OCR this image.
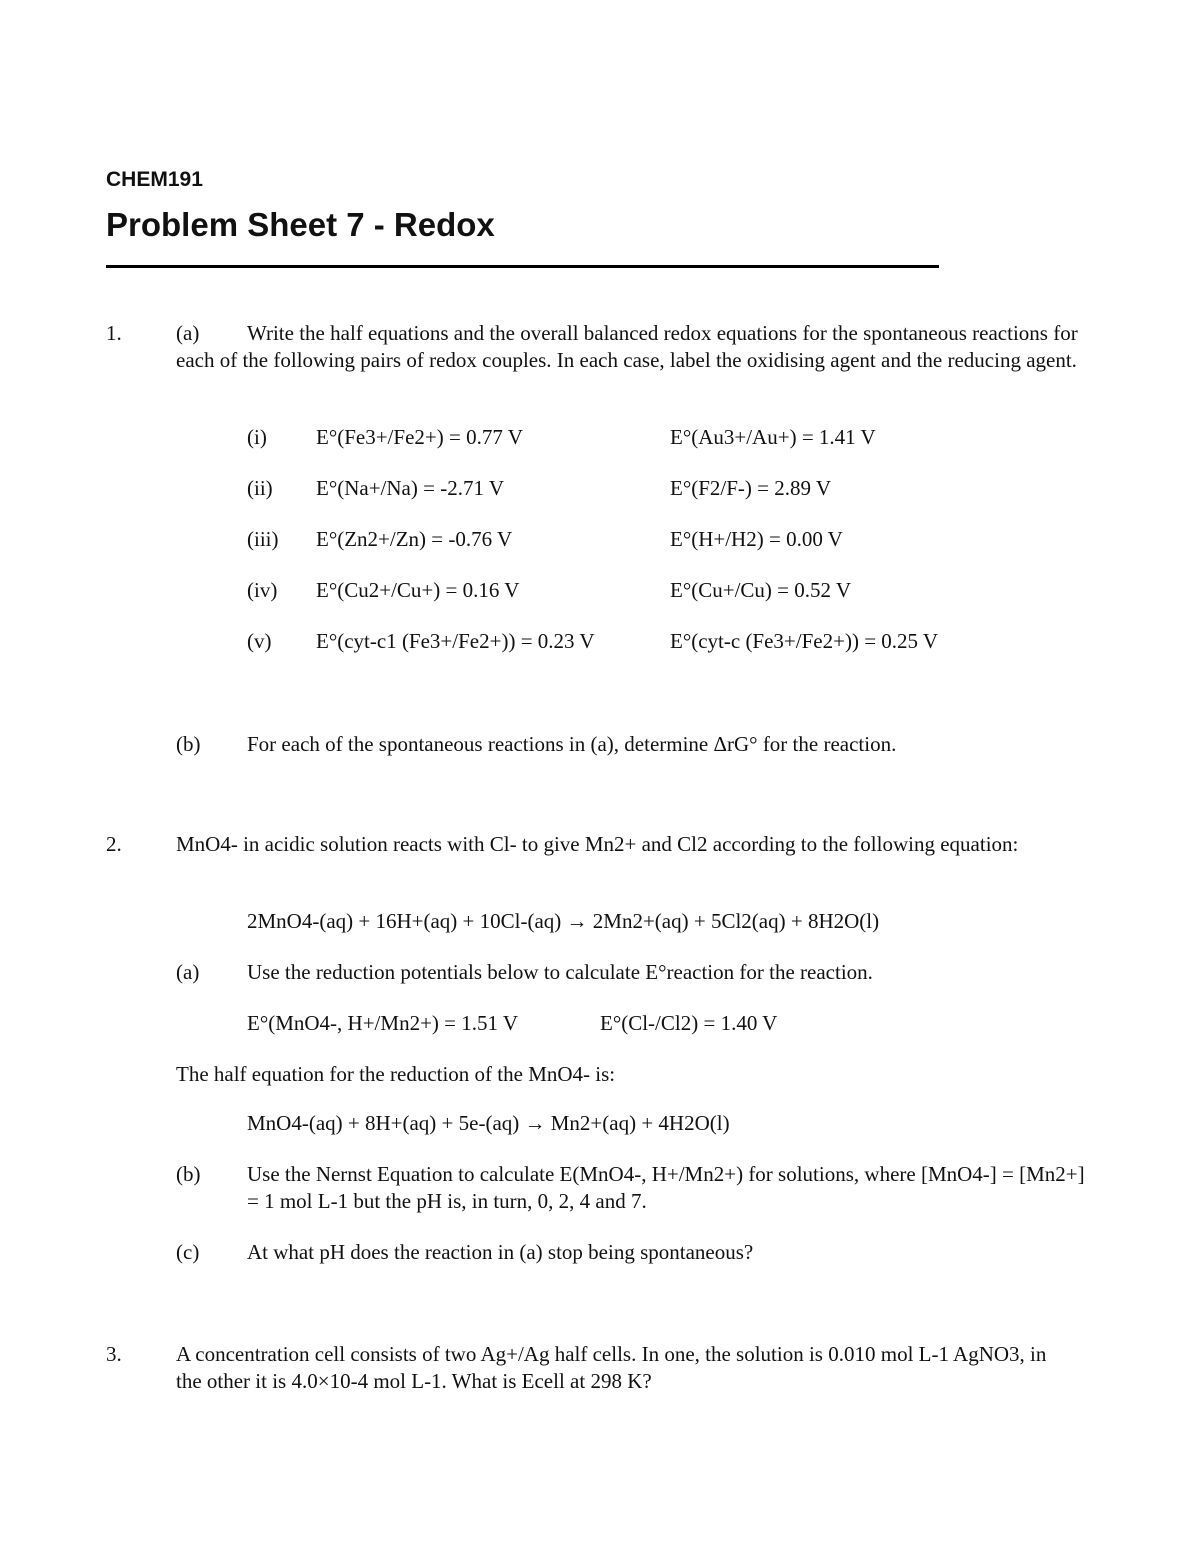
CHEM191
Problem Sheet 7 - Redox
1.	(a)	Write the half equations and the overall balanced redox equations for the spontaneous reactions for each of the following pairs of redox couples. In each case, label the oxidising agent and the reducing agent.
(i) E°(Fe3+/Fe2+) = 0.77 V	E°(Au3+/Au+) = 1.41 V
(ii) E°(Na+/Na) = -2.71 V	E°(F2/F-) = 2.89 V
(iii) E°(Zn2+/Zn) = -0.76 V	E°(H+/H2) = 0.00 V
(iv) E°(Cu2+/Cu+) = 0.16 V	E°(Cu+/Cu) = 0.52 V
(v) E°(cyt-c1 (Fe3+/Fe2+)) = 0.23 V	E°(cyt-c (Fe3+/Fe2+)) = 0.25 V
(b) For each of the spontaneous reactions in (a), determine ΔrG° for the reaction.
2.	MnO4- in acidic solution reacts with Cl- to give Mn2+ and Cl2 according to the following equation:
2MnO4-(aq) + 16H+(aq) + 10Cl-(aq) → 2Mn2+(aq) + 5Cl2(aq) + 8H2O(l)
(a) Use the reduction potentials below to calculate E°reaction for the reaction.
E°(MnO4-, H+/Mn2+) = 1.51 V	E°(Cl-/Cl2) = 1.40 V
The half equation for the reduction of the MnO4- is:
MnO4-(aq) + 8H+(aq) + 5e-(aq) → Mn2+(aq) + 4H2O(l)
(b) Use the Nernst Equation to calculate E(MnO4-, H+/Mn2+) for solutions, where [MnO4-] = [Mn2+] = 1 mol L-1 but the pH is, in turn, 0, 2, 4 and 7.
(c) At what pH does the reaction in (a) stop being spontaneous?
3.	A concentration cell consists of two Ag+/Ag half cells. In one, the solution is 0.010 mol L-1 AgNO3, in the other it is 4.0×10-4 mol L-1. What is Ecell at 298 K?
